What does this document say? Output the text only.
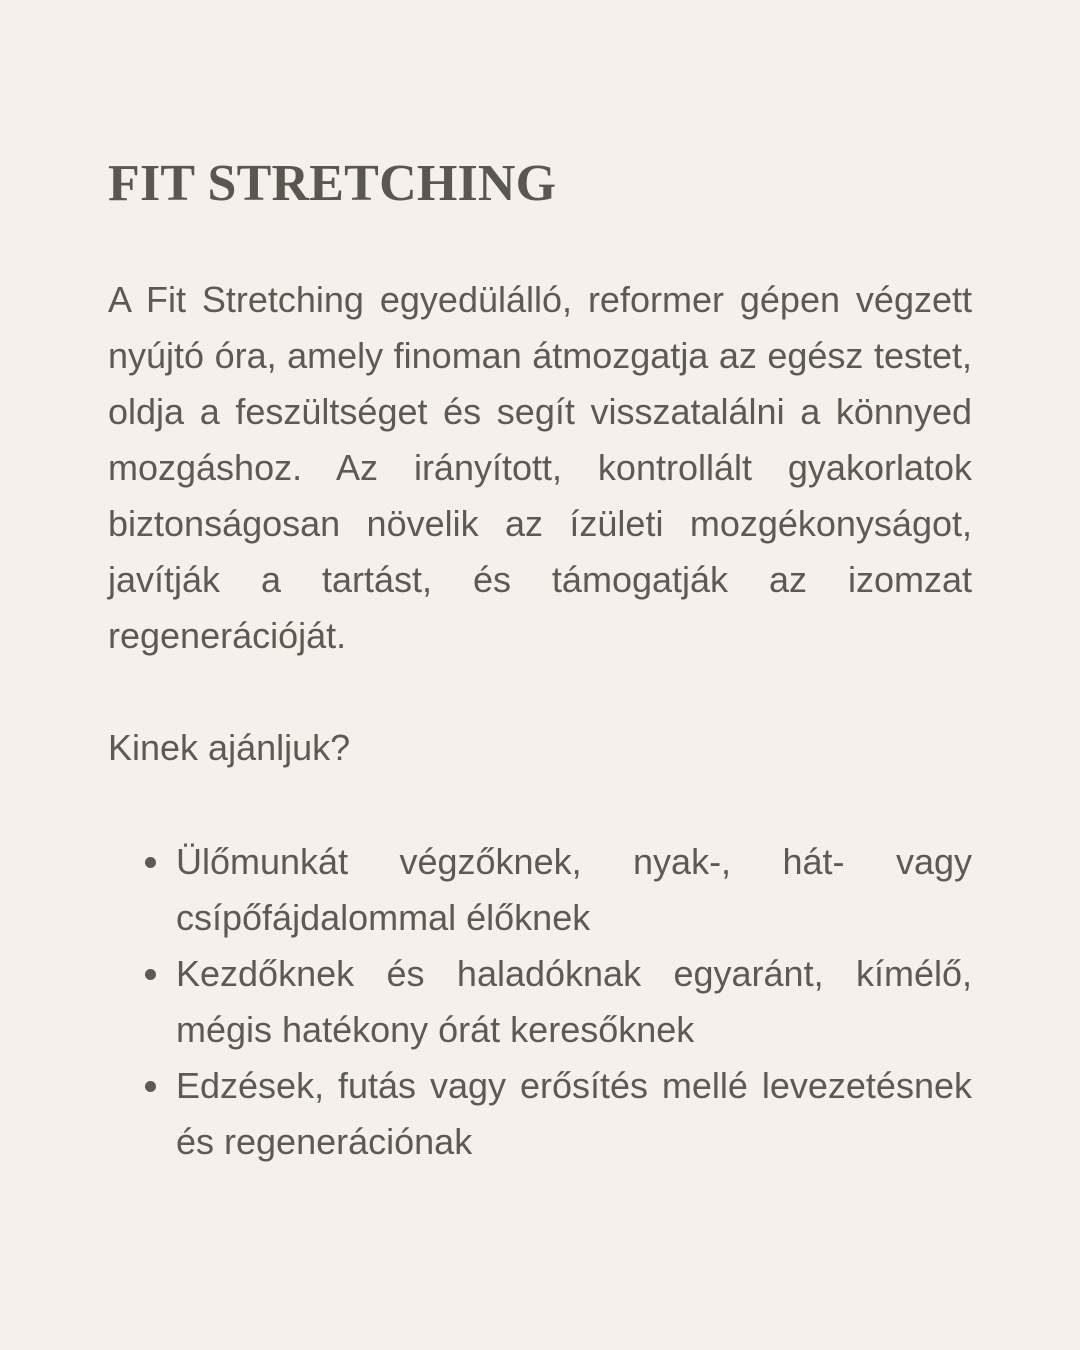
FIT STRETCHING

A Fit Stretching egyedülálló, reformer gépen végzett nyújtó óra, amely finoman átmozgatja az egész testet, oldja a feszültséget és segít visszatalálni a könnyed mozgáshoz. Az irányított, kontrollált gyakorlatok biztonságosan növelik az ízületi mozgékonyságot, javítják a tartást, és támogatják az izomzat regenerációját.

Kinek ajánljuk?

Ülőmunkát végzőknek, nyak-, hát- vagy csípőfájdalommal élőknek
Kezdőknek és haladóknak egyaránt, kímélő, mégis hatékony órát keresőknek
Edzések, futás vagy erősítés mellé levezetésnek és regenerációnak
